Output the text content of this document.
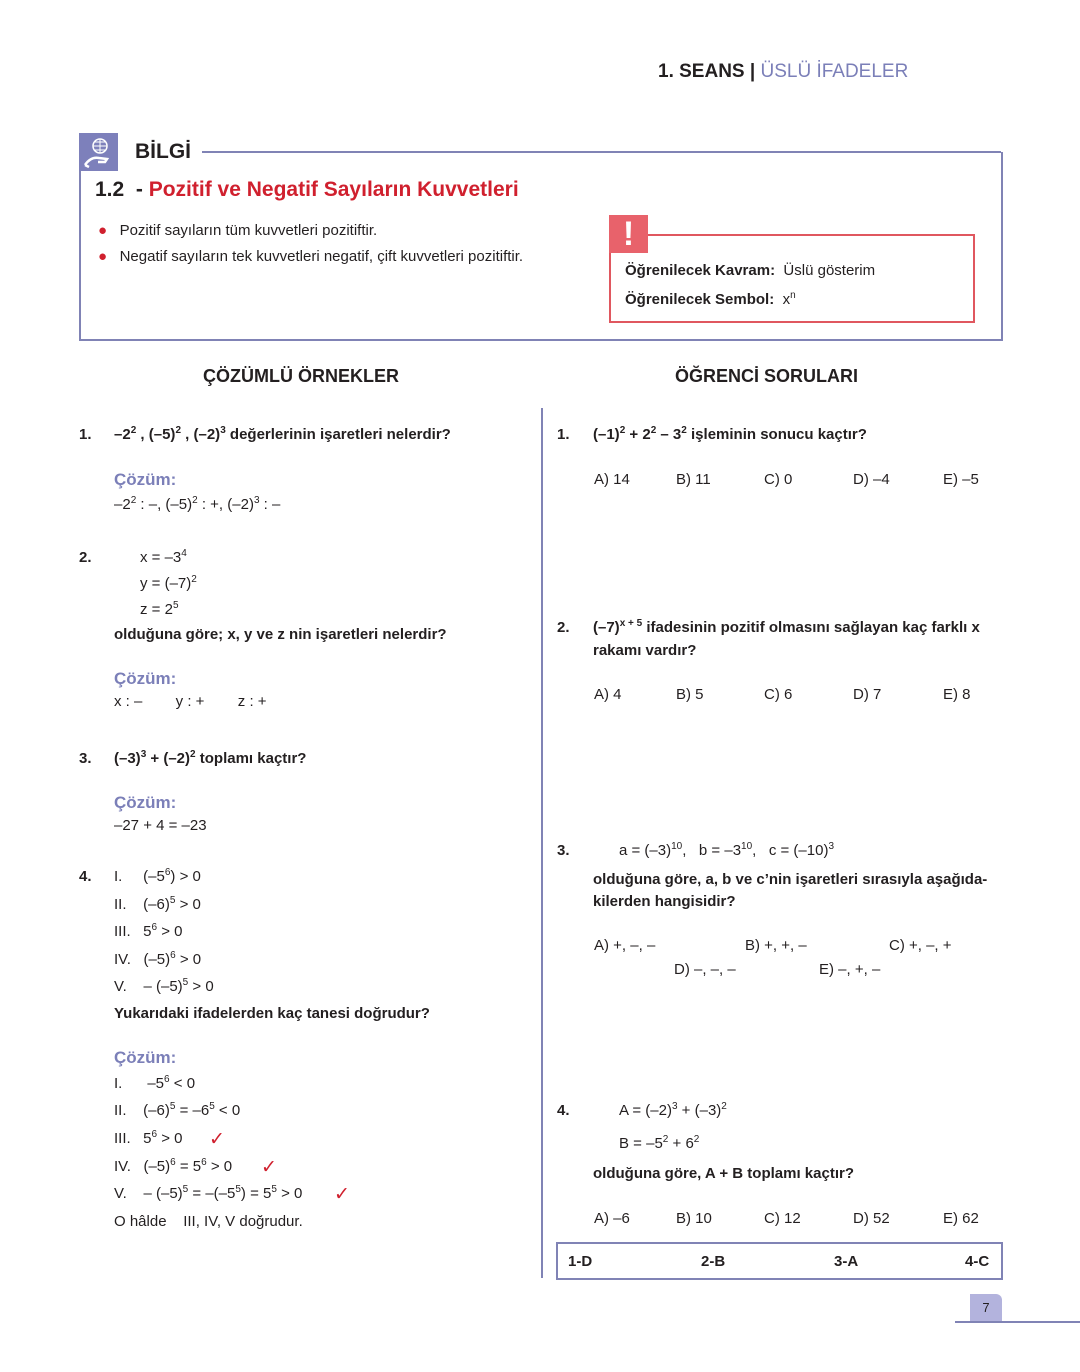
1. SEANS | ÜSLÜ İFADELER
BİLGİ
1.2 - Pozitif ve Negatif Sayıların Kuvvetleri
● Pozitif sayıların tüm kuvvetleri pozitiftir.
● Negatif sayıların tek kuvvetleri negatif, çift kuvvetleri pozitiftir.
!
Öğrenilecek Kavram: Üslü gösterim
Öğrenilecek Sembol: $x^n$
ÇÖZÜMLÜ ÖRNEKLER	ÖĞRENCİ SORULARI
1. $-2^2$ , $(-5)^2$ , $(-2)^3$ değerlerinin işaretleri nelerdir?
Çözüm:
$-2^2$ : –, $(-5)^2$ : +, $(-2)^3$ : –
2.	$x = -3^4$
$y = (-7)^2$
$z = 2^5$
olduğuna göre; x, y ve z nin işaretleri nelerdir?
Çözüm:
x : –        y : +        z : +
3. $(-3)^3 + (-2)^2$ toplamı kaçtır?
Çözüm:
–27 + 4 = –23
4. I.     $(-5^6) > 0$
II.    $(-6)^5 > 0$
III.   $5^6 > 0$
IV.   $(-5)^6 > 0$
V.    – $(-5)^5 > 0$
Yukarıdaki ifadelerden kaç tanesi doğrudur?
Çözüm:
I.      $-5^6 < 0$
II.    $(-6)^5 = -6^5 < 0$
III.   $5^6 > 0$ ✓
IV.   $(-5)^6 = 5^6 > 0$ ✓
V.    – $(-5)^5 = -(-5^5) = 5^5 > 0$ ✓
O hâlde    III, IV, V doğrudur.
1. $(-1)^2 + 2^2 - 3^2$ işleminin sonucu kaçtır?
2. $(-7)^{x + 5}$ ifadesinin pozitif olmasını sağlayan kaç farklı x
rakamı vardır?
3.	$a = (-3)^{10}$,   $b = -3^{10}$,   $c = (-10)^3$
olduğuna göre, a, b ve c’nin işaretleri sırasıyla aşağıda-
kilerden hangisidir?
A) +, –, –	B) +, +, –	C) +, –, +
D) –, –, –	E) –, +, –
4.	$A = (-2)^3 + (-3)^2$
$B = -5^2 + 6^2$
olduğuna göre, A + B toplamı kaçtır?
1-D	2-B	3-A	4-C
7
A) 14	B) 11	C) 0	D) –4	E) –5
A) 4	B) 5	C) 6	D) 7	E) 8
A) –6	B) 10	C) 12	D) 52	E) 62
